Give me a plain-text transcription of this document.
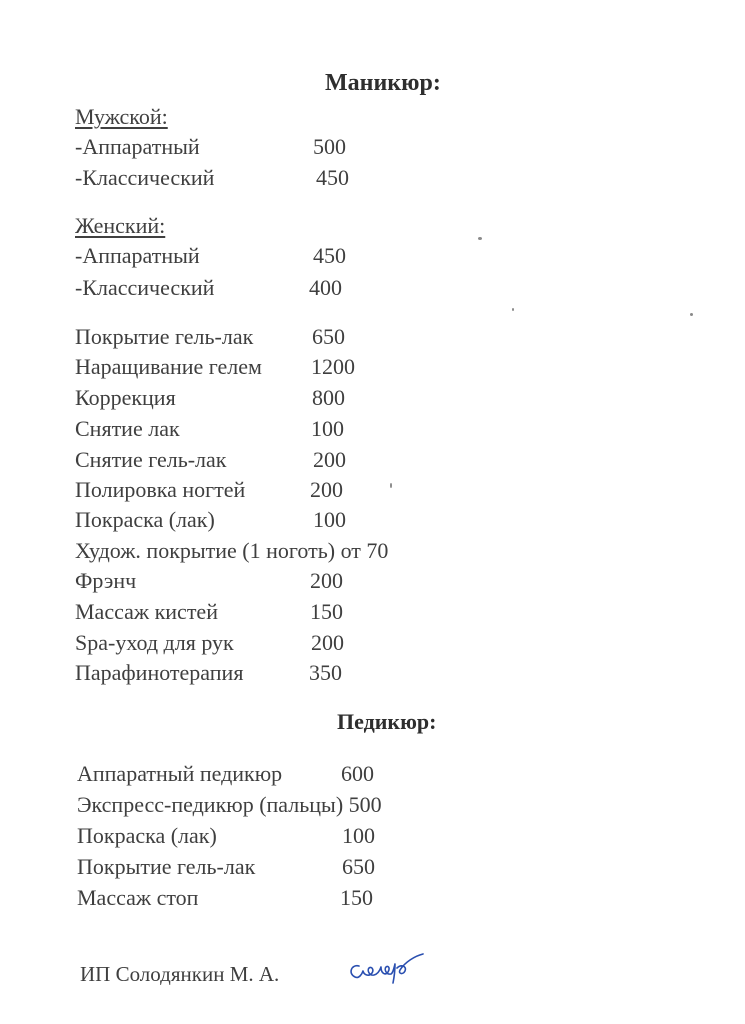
Маникюр:
Мужской:
-Аппаратный	500
-Классический	450
Женский:
-Аппаратный	450
-Классический	400
Покрытие гель-лак	650
Наращивание гелем 1200
Коррекция	800
Снятие лак	100
Снятие гель-лак	200
Полировка ногтей	200
Покраска (лак)	100
Худож. покрытие (1 ноготь) от 70
Фрэнч	200
Массаж кистей	150
Spa-уход для рук	200
Парафинотерапия	350
Педикюр:
Аппаратный педикюр	600
Экспресс-педикюр (пальцы) 500
Покраска (лак)	100
Покрытие гель-лак	650
Массаж стоп	150
ИП Солодянкин М. А.
